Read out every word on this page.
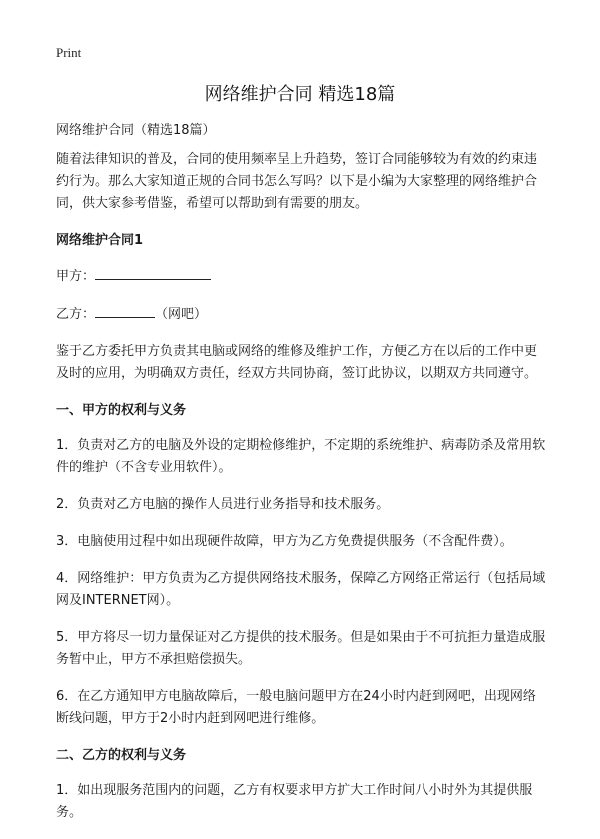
Print
网络维护合同 精选18篇

网络维护合同（精选18篇）

随着法律知识的普及，合同的使用频率呈上升趋势，签订合同能够较为有效的约束违约行为。那么大家知道正规的合同书怎么写吗？以下是小编为大家整理的网络维护合同，供大家参考借鉴，希望可以帮助到有需要的朋友。

网络维护合同1

甲方：

乙方：	（网吧）

鉴于乙方委托甲方负责其电脑或网络的维修及维护工作，方便乙方在以后的工作中更及时的应用，为明确双方责任，经双方共同协商，签订此协议，以期双方共同遵守。

一、甲方的权利与义务

1．负责对乙方的电脑及外设的定期检修维护，不定期的系统维护、病毒防杀及常用软件的维护（不含专业用软件）。

2．负责对乙方电脑的操作人员进行业务指导和技术服务。

3．电脑使用过程中如出现硬件故障，甲方为乙方免费提供服务（不含配件费）。

4．网络维护：甲方负责为乙方提供网络技术服务，保障乙方网络正常运行（包括局域网及INTERNET网）。

5．甲方将尽一切力量保证对乙方提供的技术服务。但是如果由于不可抗拒力量造成服务暂中止，甲方不承担赔偿损失。

6．在乙方通知甲方电脑故障后，一般电脑问题甲方在24小时内赶到网吧，出现网络断线问题，甲方于2小时内赶到网吧进行维修。

二、乙方的权利与义务

1．如出现服务范围内的问题，乙方有权要求甲方扩大工作时间八小时外为其提供服务。
